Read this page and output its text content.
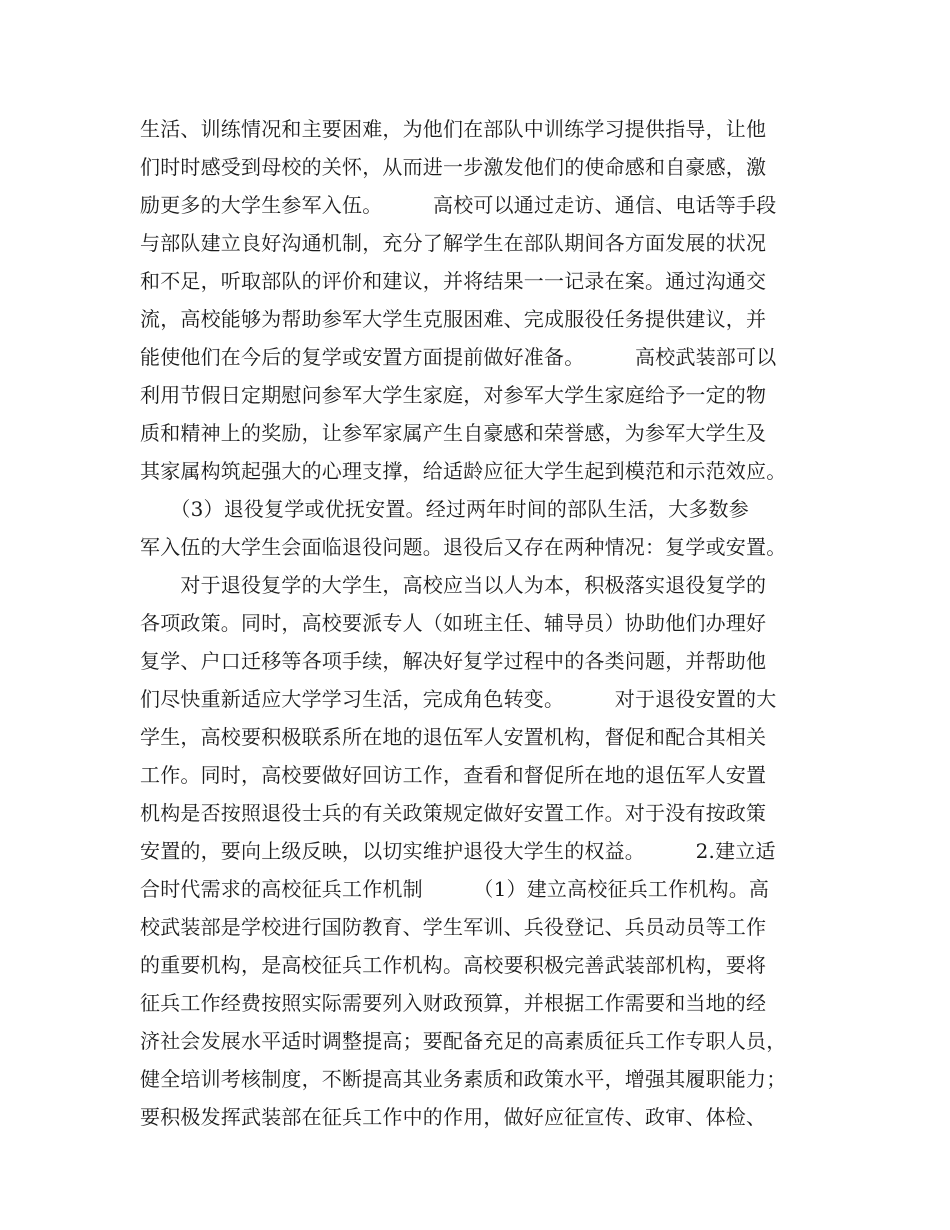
生活、训练情况和主要困难，为他们在部队中训练学习提供指导，让他
们时时感受到母校的关怀，从而进一步激发他们的使命感和自豪感，激
励更多的大学生参军入伍。　　　高校可以通过走访、通信、电话等手段
与部队建立良好沟通机制，充分了解学生在部队期间各方面发展的状况
和不足，听取部队的评价和建议，并将结果一一记录在案。通过沟通交
流，高校能够为帮助参军大学生克服困难、完成服役任务提供建议，并
能使他们在今后的复学或安置方面提前做好准备。　　　高校武装部可以
利用节假日定期慰问参军大学生家庭，对参军大学生家庭给予一定的物
质和精神上的奖励，让参军家属产生自豪感和荣誉感，为参军大学生及
其家属构筑起强大的心理支撑，给适龄应征大学生起到模范和示范效应。
　　（3）退役复学或优抚安置。经过两年时间的部队生活，大多数参
军入伍的大学生会面临退役问题。退役后又存在两种情况：复学或安置。
　　对于退役复学的大学生，高校应当以人为本，积极落实退役复学的
各项政策。同时，高校要派专人（如班主任、辅导员）协助他们办理好
复学、户口迁移等各项手续，解决好复学过程中的各类问题，并帮助他
们尽快重新适应大学学习生活，完成角色转变。　　　对于退役安置的大
学生，高校要积极联系所在地的退伍军人安置机构，督促和配合其相关
工作。同时，高校要做好回访工作，查看和督促所在地的退伍军人安置
机构是否按照退役士兵的有关政策规定做好安置工作。对于没有按政策
安置的，要向上级反映，以切实维护退役大学生的权益。　　　2.建立适
合时代需求的高校征兵工作机制　　　（1）建立高校征兵工作机构。高
校武装部是学校进行国防教育、学生军训、兵役登记、兵员动员等工作
的重要机构，是高校征兵工作机构。高校要积极完善武装部机构，要将
征兵工作经费按照实际需要列入财政预算，并根据工作需要和当地的经
济社会发展水平适时调整提高；要配备充足的高素质征兵工作专职人员，
健全培训考核制度，不断提高其业务素质和政策水平，增强其履职能力；
要积极发挥武装部在征兵工作中的作用，做好应征宣传、政审、体检、
